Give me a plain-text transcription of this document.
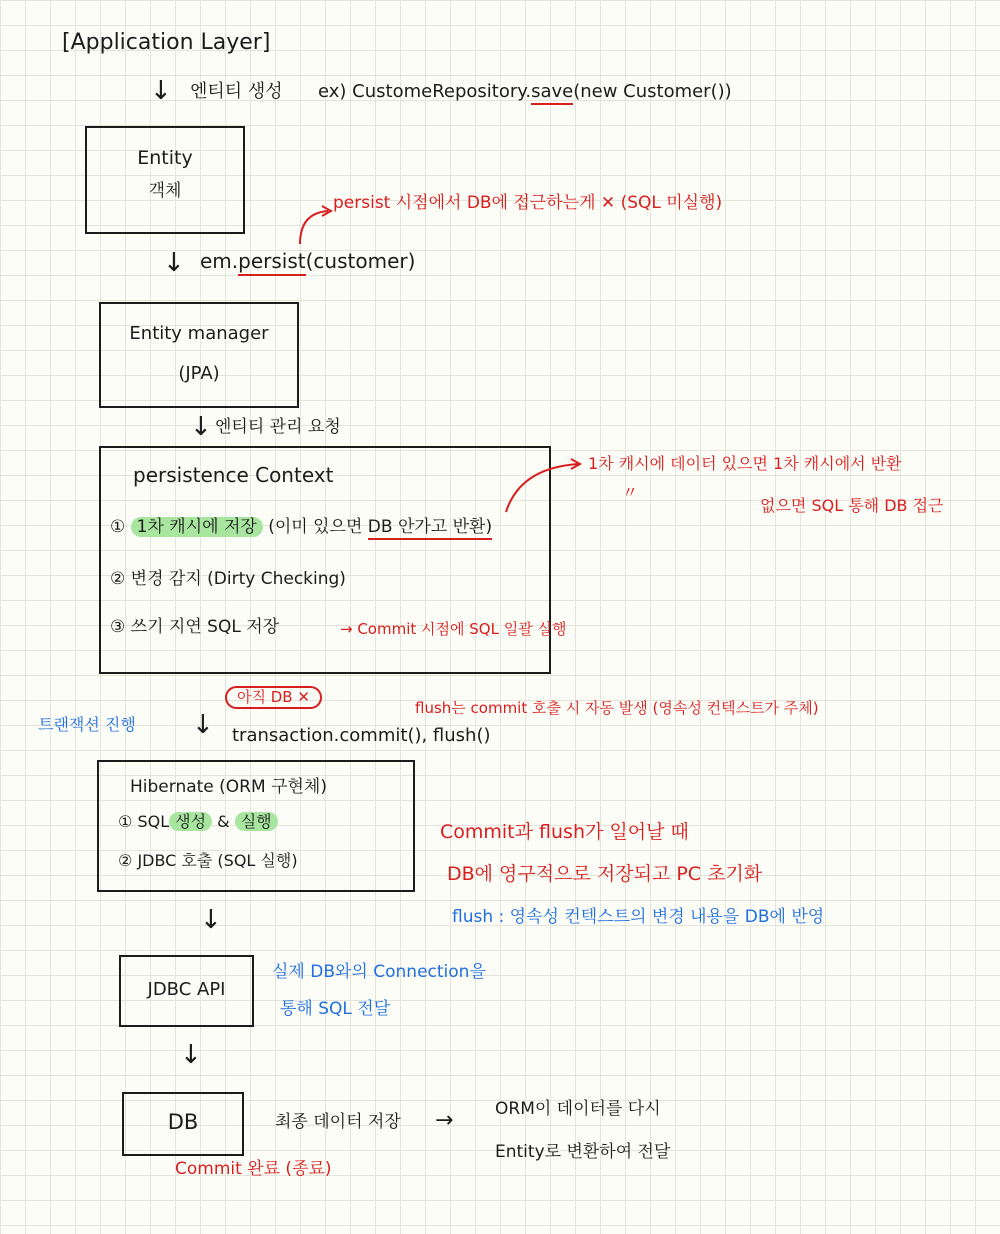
[Application Layer]
↓ 엔티티 생성 ex) CustomeRepository.save(new Customer())
Entity
객체
persist 시점에서 DB에 접근하는게 ✕ (SQL 미실행)
↓ em.persist(customer)
Entity manager
(JPA)
↓ 엔티티 관리 요청
persistence Context
① 1차 캐시에 저장 (이미 있으면 DB 안가고 반환)
② 변경 감지 (Dirty Checking)
③ 쓰기 지연 SQL 저장	→ Commit 시점에 SQL 일괄 실행
1차 캐시에 데이터 있으면 1차 캐시에서 반환
〃
없으면 SQL 통해 DB 접근
아직 DB ✕
트랜잭션 진행 ↓ transaction.commit(), flush()
flush는 commit 호출 시 자동 발생 (영속성 컨텍스트가 주체)
Hibernate (ORM 구현체)
① SQL 생성 & 실행
② JDBC 호출 (SQL 실행)
Commit과 flush가 일어날 때
DB에 영구적으로 저장되고 PC 초기화
flush : 영속성 컨텍스트의 변경 내용을 DB에 반영
↓
JDBC API
실제 DB와의 Connection을
통해 SQL 전달
↓
DB	최종 데이터 저장 → ORM이 데이터를 다시
Entity로 변환하여 전달
Commit 완료 (종료)
